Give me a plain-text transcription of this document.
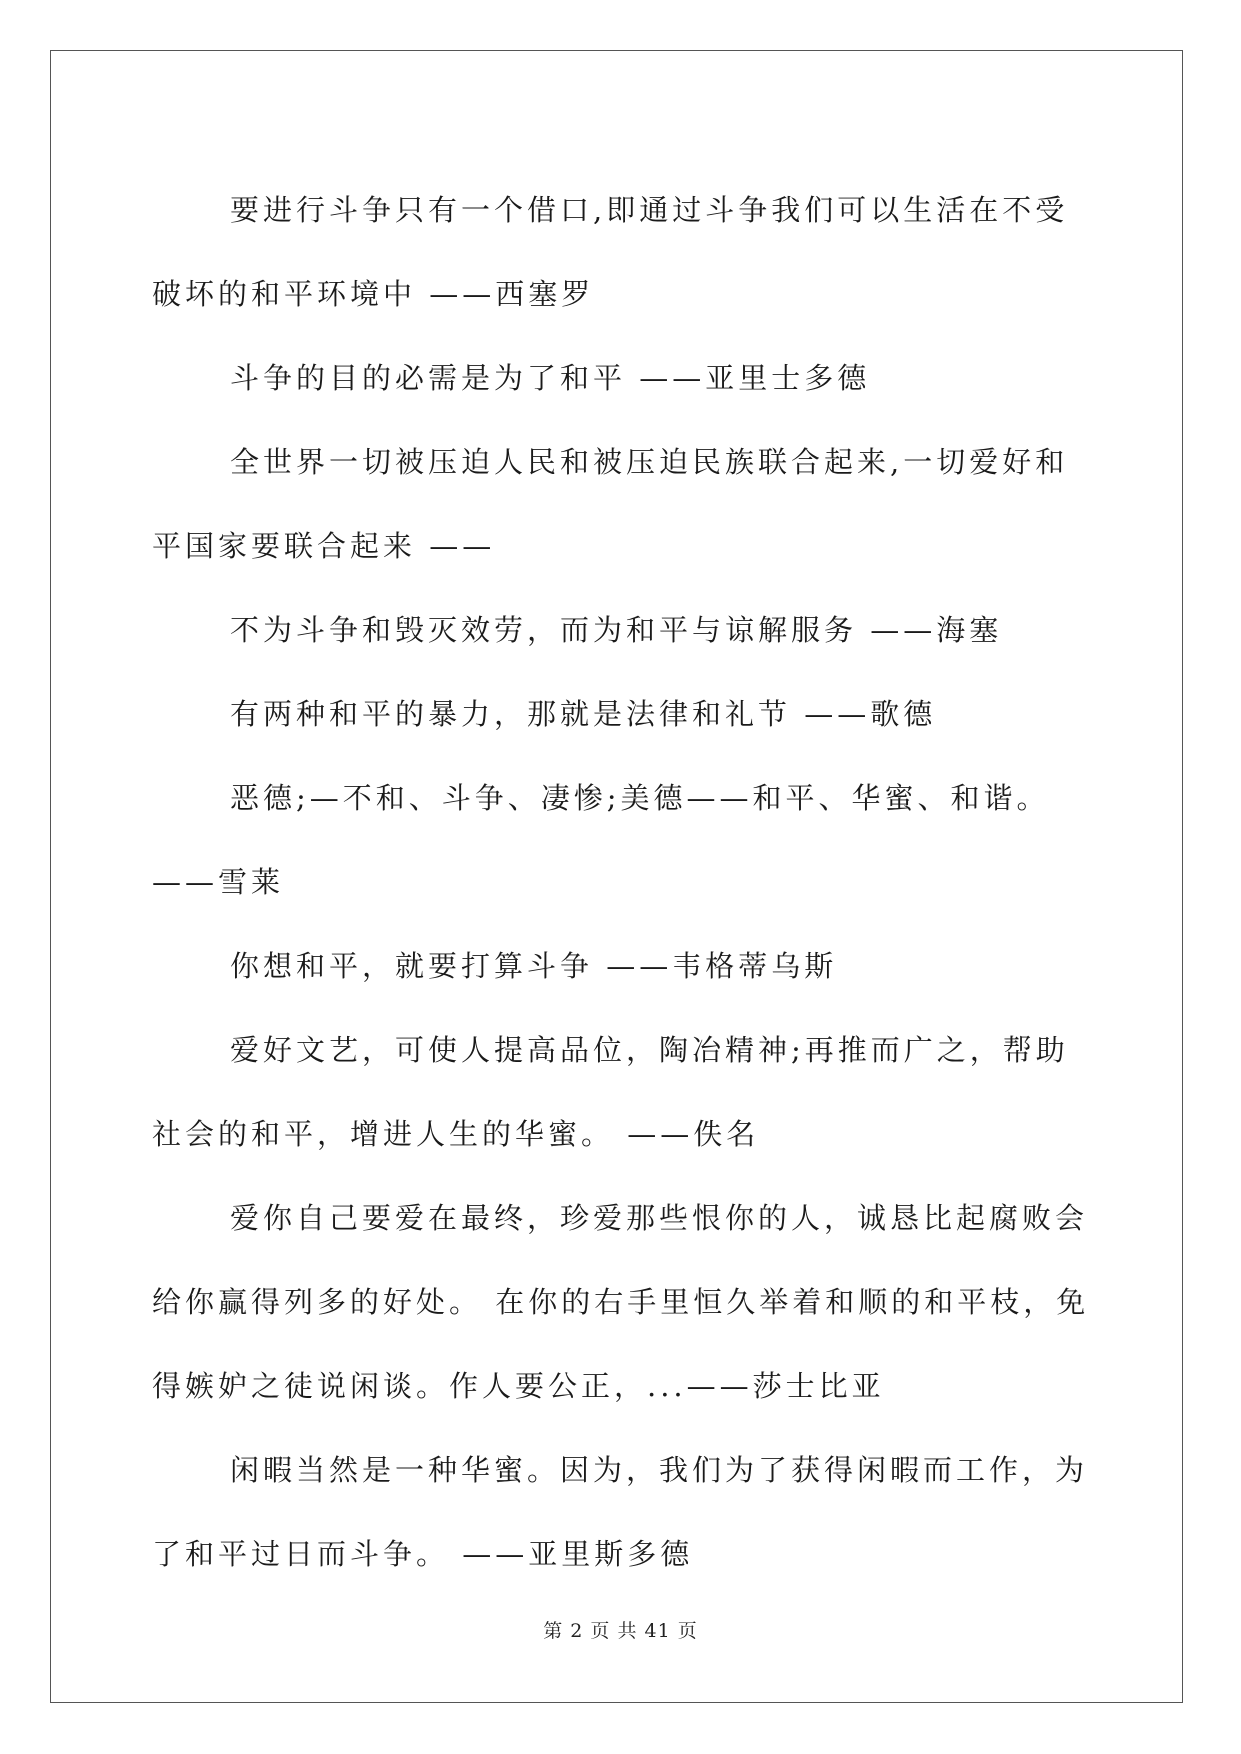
要进行斗争只有一个借口,即通过斗争我们可以生活在不受破坏的和平环境中 ——西塞罗

斗争的目的必需是为了和平 ——亚里士多德

全世界一切被压迫人民和被压迫民族联合起来,一切爱好和平国家要联合起来 ——

不为斗争和毁灭效劳，而为和平与谅解服务 ——海塞

有两种和平的暴力，那就是法律和礼节 ——歌德

恶德;—不和、斗争、凄惨;美德——和平、华蜜、和谐。 ——雪莱

你想和平，就要打算斗争 ——韦格蒂乌斯

爱好文艺，可使人提高品位，陶冶精神;再推而广之，帮助社会的和平，增进人生的华蜜。 ——佚名

爱你自己要爱在最终，珍爱那些恨你的人，诚恳比起腐败会给你赢得列多的好处。 在你的右手里恒久举着和顺的和平枝，免得嫉妒之徒说闲谈。作人要公正，...——莎士比亚

闲暇当然是一种华蜜。因为，我们为了获得闲暇而工作，为了和平过日而斗争。 ——亚里斯多德

第 2 页 共 41 页
